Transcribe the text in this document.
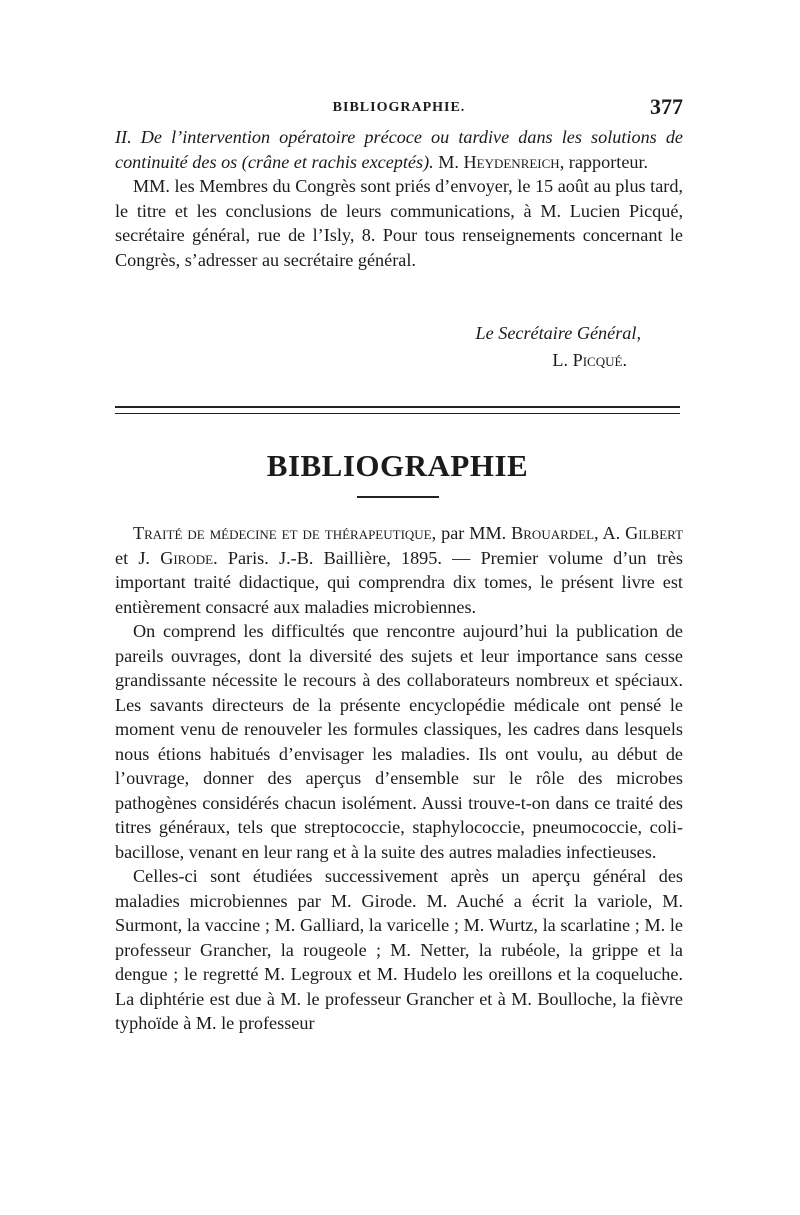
BIBLIOGRAPHIE.	377

II. De l’intervention opératoire précoce ou tardive dans les solutions de continuité des os (crâne et rachis exceptés). M. Heydenreich, rapporteur.

MM. les Membres du Congrès sont priés d’envoyer, le 15 août au plus tard, le titre et les conclusions de leurs communications, à M. Lucien Picqué, secrétaire général, rue de l’Isly, 8. Pour tous renseignements concernant le Congrès, s’adresser au secrétaire général.

Le Secrétaire Général,
L. Picqué.
BIBLIOGRAPHIE

Traité de médecine et de thérapeutique, par MM. Brouardel, A. Gilbert et J. Girode. Paris. J.-B. Baillière, 1895. — Premier volume d’un très important traité didactique, qui comprendra dix tomes, le présent livre est entièrement consacré aux maladies microbiennes.

On comprend les difficultés que rencontre aujourd’hui la publication de pareils ouvrages, dont la diversité des sujets et leur importance sans cesse grandissante nécessite le recours à des collaborateurs nombreux et spéciaux. Les savants directeurs de la présente encyclopédie médicale ont pensé le moment venu de renouveler les formules classiques, les cadres dans lesquels nous étions habitués d’envisager les maladies. Ils ont voulu, au début de l’ouvrage, donner des aperçus d’ensemble sur le rôle des microbes pathogènes considérés chacun isolément. Aussi trouve-t-on dans ce traité des titres généraux, tels que streptococcie, staphylococcie, pneumococcie, coli-bacillose, venant en leur rang et à la suite des autres maladies infectieuses.

Celles-ci sont étudiées successivement après un aperçu général des maladies microbiennes par M. Girode. M. Auché a écrit la variole, M. Surmont, la vaccine ; M. Galliard, la varicelle ; M. Wurtz, la scarlatine ; M. le professeur Grancher, la rougeole ; M. Netter, la rubéole, la grippe et la dengue ; le regretté M. Legroux et M. Hudelo les oreillons et la coqueluche. La diphtérie est due à M. le professeur Grancher et à M. Boulloche, la fièvre typhoïde à M. le professeur
